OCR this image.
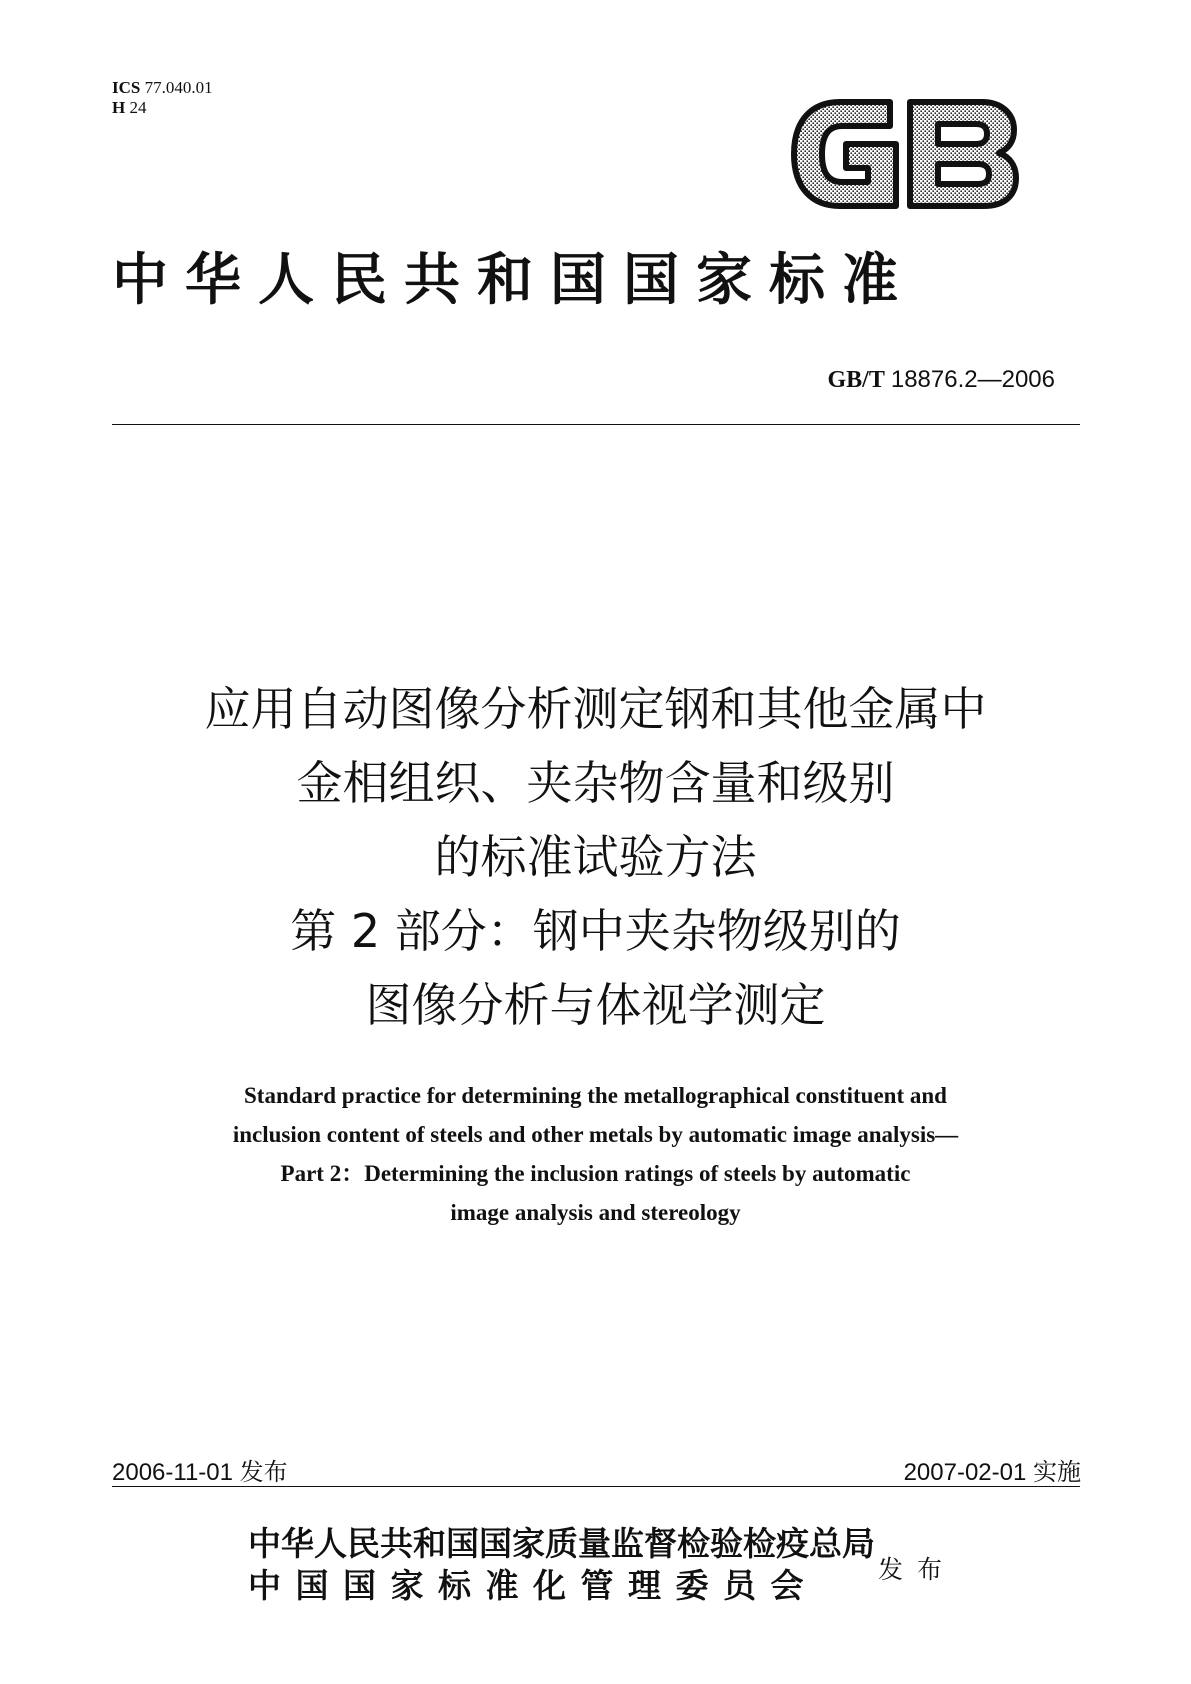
ICS 77.040.01
H 24
中华人民共和国国家标准
GB/T 18876.2—2006
应用自动图像分析测定钢和其他金属中
金相组织、夹杂物含量和级别
的标准试验方法
第 2 部分：钢中夹杂物级别的
图像分析与体视学测定
Standard practice for determining the metallographical constituent and
inclusion content of steels and other metals by automatic image analysis—
Part 2：Determining the inclusion ratings of steels by automatic
image analysis and stereology
2006-11-01 发布	2007-02-01 实施
中华人民共和国国家质量监督检验检疫总局
中国国家标准化管理委员会	发布
